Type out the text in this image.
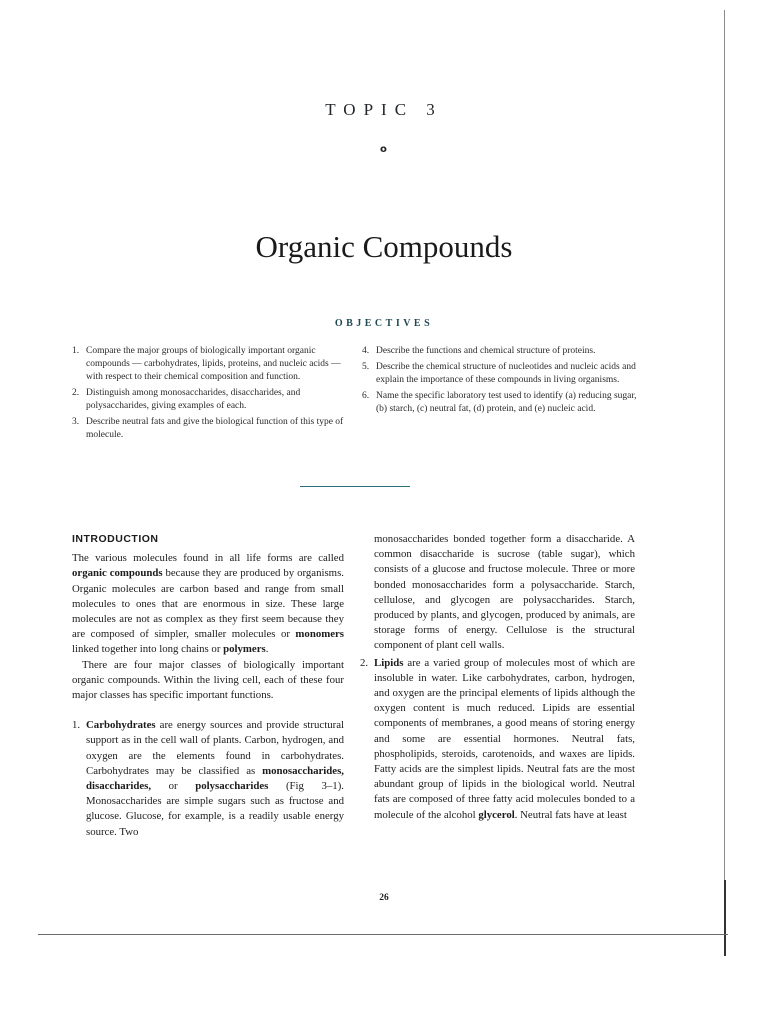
TOPIC 3
o
Organic Compounds
OBJECTIVES
1. Compare the major groups of biologically important organic compounds — carbohydrates, lipids, proteins, and nucleic acids — with respect to their chemical composition and function.
2. Distinguish among monosaccharides, disaccharides, and polysaccharides, giving examples of each.
3. Describe neutral fats and give the biological function of this type of molecule.
4. Describe the functions and chemical structure of proteins.
5. Describe the chemical structure of nucleotides and nucleic acids and explain the importance of these compounds in living organisms.
6. Name the specific laboratory test used to identify (a) reducing sugar, (b) starch, (c) neutral fat, (d) protein, and (e) nucleic acid.
INTRODUCTION

The various molecules found in all life forms are called organic compounds because they are produced by organisms. Organic molecules are carbon based and range from small molecules to ones that are enormous in size. These large molecules are not as complex as they first seem because they are composed of simpler, smaller molecules or monomers linked together into long chains or polymers.

There are four major classes of biologically important organic compounds. Within the living cell, each of these four major classes has specific important functions.

1. Carbohydrates are energy sources and provide structural support as in the cell wall of plants. Carbon, hydrogen, and oxygen are the elements found in carbohydrates. Carbohydrates may be classified as monosaccharides, disaccharides, or polysaccharides (Fig 3–1). Monosaccharides are simple sugars such as fructose and glucose. Glucose, for example, is a readily usable energy source. Two

monosaccharides bonded together form a disaccharide. A common disaccharide is sucrose (table sugar), which consists of a glucose and fructose molecule. Three or more bonded monosaccharides form a polysaccharide. Starch, cellulose, and glycogen are polysaccharides. Starch, produced by plants, and glycogen, produced by animals, are storage forms of energy. Cellulose is the structural component of plant cell walls.

2. Lipids are a varied group of molecules most of which are insoluble in water. Like carbohydrates, carbon, hydrogen, and oxygen are the principal elements of lipids although the oxygen content is much reduced. Lipids are essential components of membranes, a good means of storing energy and some are essential hormones. Neutral fats, phospholipids, steroids, carotenoids, and waxes are lipids. Fatty acids are the simplest lipids. Neutral fats are the most abundant group of lipids in the biological world. Neutral fats are composed of three fatty acid molecules bonded to a molecule of the alcohol glycerol. Neutral fats have at least
26
